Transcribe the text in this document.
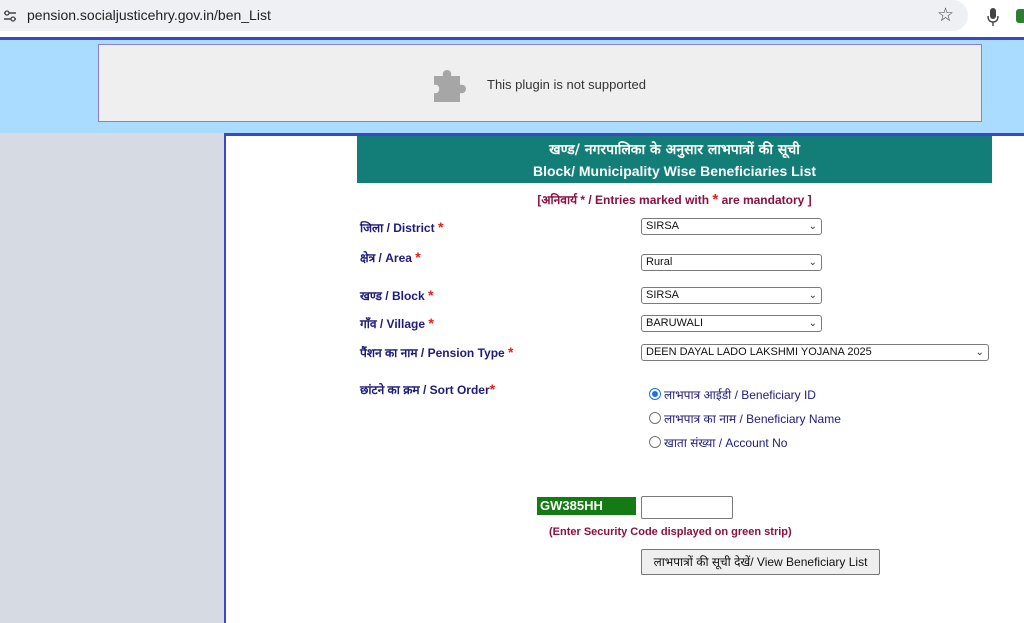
pension.socialjusticehry.gov.in/ben_List	☆
This plugin is not supported
खण्ड/ नगरपालिका के अनुसार लाभपात्रों की सूची
Block/ Municipality Wise Beneficiaries List
[अनिवार्य * / Entries marked with * are mandatory ]
जिला / District *	SIRSA	⌄
क्षेत्र / Area *	Rural	⌄
खण्ड / Block *	SIRSA	⌄
गाँव / Village *	BARUWALI	⌄
पैंशन का नाम / Pension Type *	DEEN DAYAL LADO LAKSHMI YOJANA 2025	⌄
छांटने का क्रम / Sort Order*	लाभपात्र आईडी / Beneficiary ID
लाभपात्र का नाम / Beneficiary Name
खाता संख्या / Account No
GW385HH
(Enter Security Code displayed on green strip)
लाभपात्रों की सूची देखें/ View Beneficiary List
